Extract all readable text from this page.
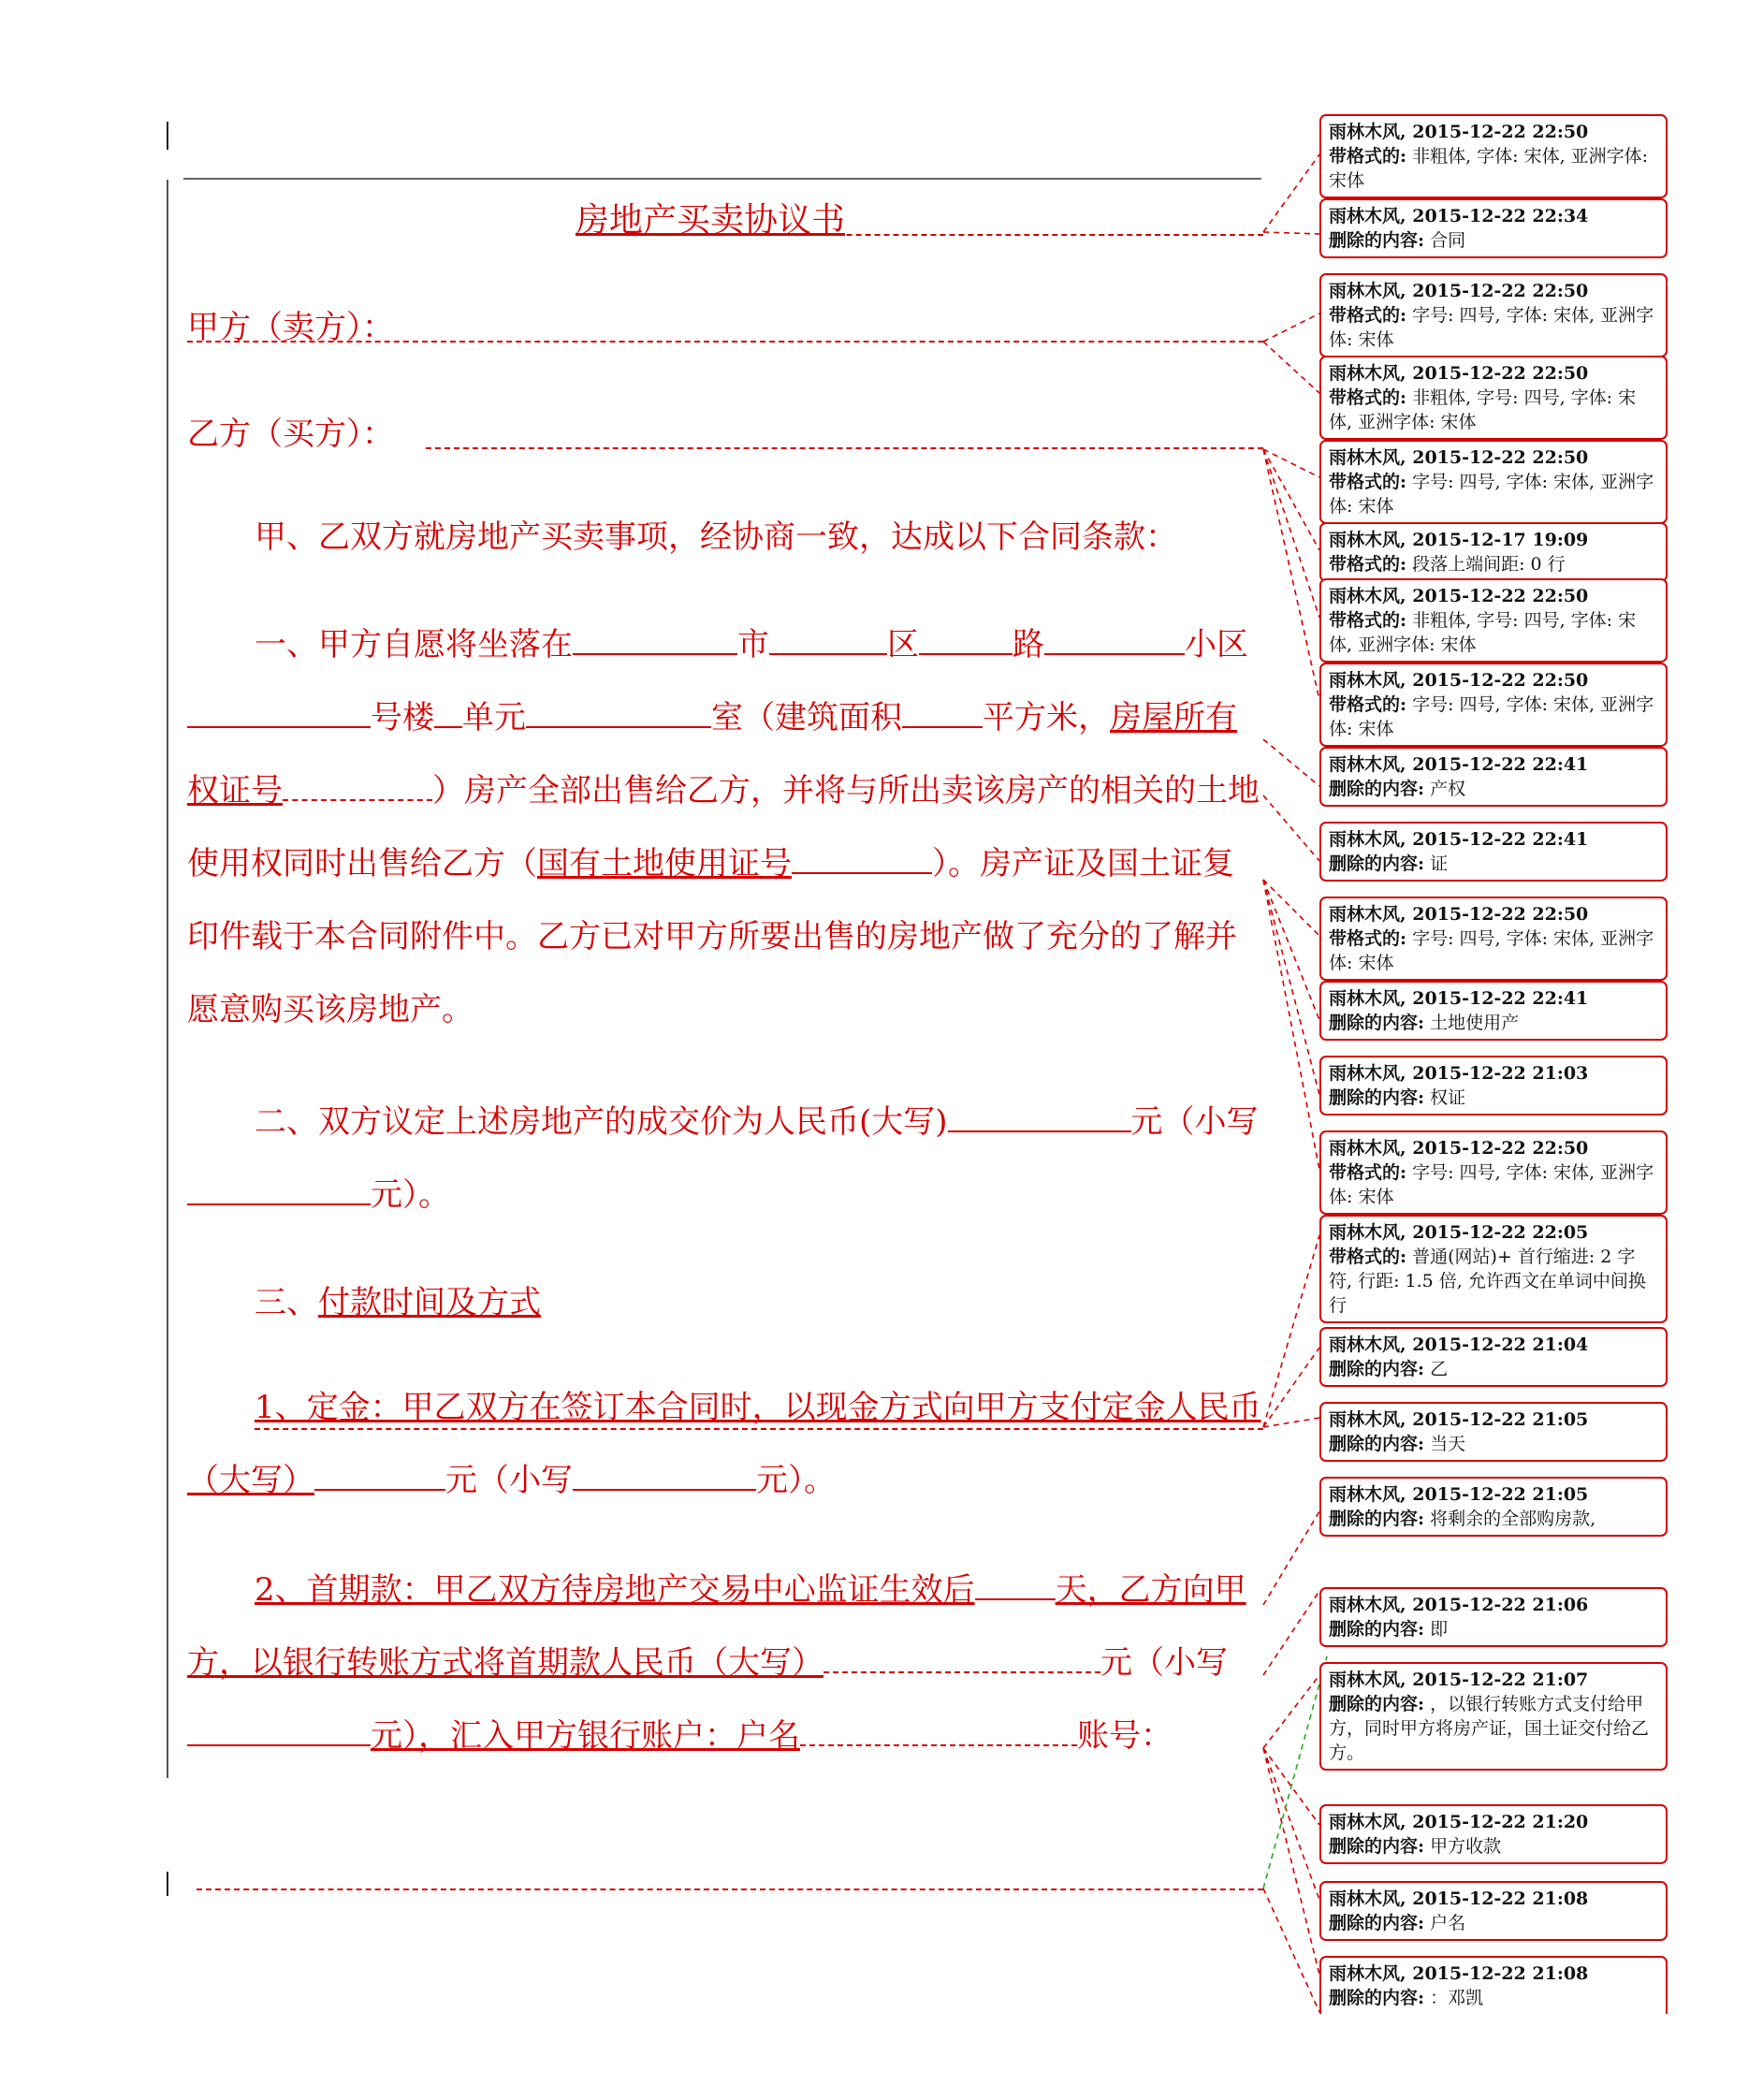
房地产买卖协议书
甲方（卖方）：
乙方（买方）：
甲、乙双方就房地产买卖事项，经协商一致，达成以下合同条款：
一、甲方自愿将坐落在	市	区	路	小区号楼 单元	室（建筑面积	平方米，房屋所有权证号	）房产全部出售给乙方，并将与所出卖该房产的相关的土地使用权同时出售给乙方（国有土地使用证号	）。房产证及国土证复印件载于本合同附件中。乙方已对甲方所要出售的房地产做了充分的了解并愿意购买该房地产。
二、双方议定上述房地产的成交价为人民币(大写)	元（小写元）。
三、付款时间及方式
1、定金：甲乙双方在签订本合同时，以现金方式向甲方支付定金人民币（大写）	元（小写	元）。
2、首期款：甲乙双方待房地产交易中心监证生效后	天，乙方向甲方，以银行转账方式将首期款人民币（大写）	元（小写元），汇入甲方银行账户：户名	账号：
雨林木风, 2015-12-22 22:50
带格式的: 非粗体, 字体: 宋体, 亚洲字体: 宋体
雨林木风, 2015-12-22 22:34
删除的内容: 合同
雨林木风, 2015-12-22 22:50
带格式的: 字号: 四号, 字体: 宋体, 亚洲字体: 宋体
雨林木风, 2015-12-22 22:50
带格式的: 非粗体, 字号: 四号, 字体: 宋体, 亚洲字体: 宋体
雨林木风, 2015-12-22 22:50
带格式的: 字号: 四号, 字体: 宋体, 亚洲字体: 宋体
雨林木风, 2015-12-17 19:09
带格式的: 段落上端间距: 0 行
雨林木风, 2015-12-22 22:50
带格式的: 非粗体, 字号: 四号, 字体: 宋体, 亚洲字体: 宋体
雨林木风, 2015-12-22 22:50
带格式的: 字号: 四号, 字体: 宋体, 亚洲字体: 宋体
雨林木风, 2015-12-22 22:41
删除的内容: 产权
雨林木风, 2015-12-22 22:41
删除的内容: 证
雨林木风, 2015-12-22 22:50
带格式的: 字号: 四号, 字体: 宋体, 亚洲字体: 宋体
雨林木风, 2015-12-22 22:41
删除的内容: 土地使用产
雨林木风, 2015-12-22 21:03
删除的内容: 权证
雨林木风, 2015-12-22 22:50
带格式的: 字号: 四号, 字体: 宋体, 亚洲字体: 宋体
雨林木风, 2015-12-22 22:05
带格式的: 普通(网站)+ 首行缩进: 2 字符, 行距: 1.5 倍, 允许西文在单词中间换行
雨林木风, 2015-12-22 21:04
删除的内容: 乙
雨林木风, 2015-12-22 21:05
删除的内容: 当天
雨林木风, 2015-12-22 21:05
删除的内容: 将剩余的全部购房款,
雨林木风, 2015-12-22 21:06
删除的内容: 即
雨林木风, 2015-12-22 21:07
删除的内容: ，以银行转账方式支付给甲方，同时甲方将房产证，国土证交付给乙方。
雨林木风, 2015-12-22 21:20
删除的内容: 甲方收款
雨林木风, 2015-12-22 21:08
删除的内容: 户名
雨林木风, 2015-12-22 21:08
删除的内容: ：邓凯
